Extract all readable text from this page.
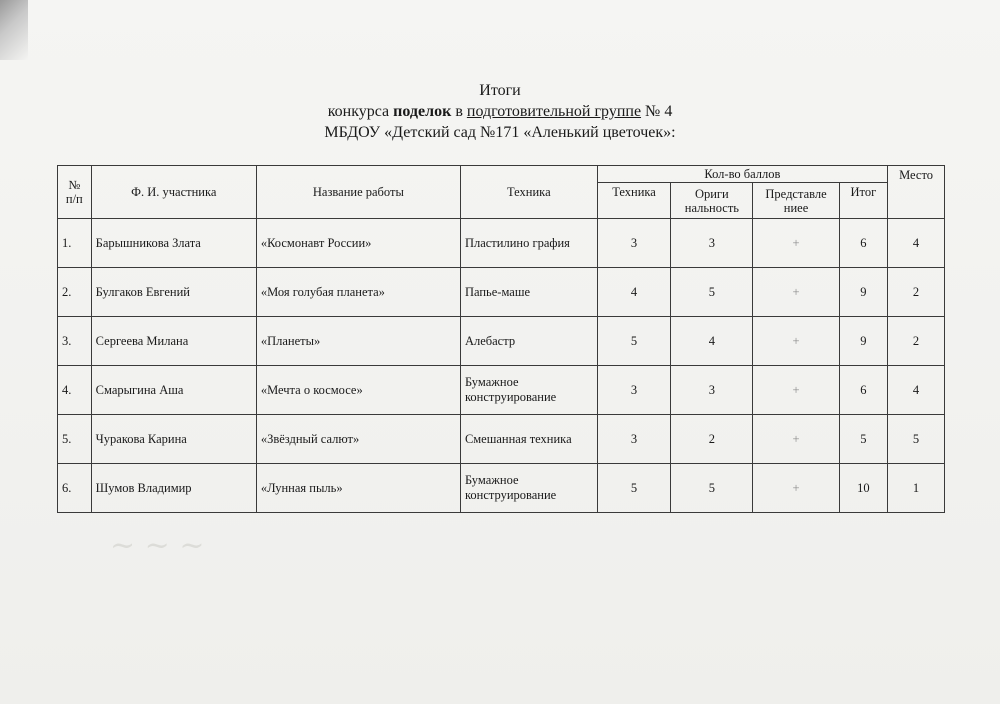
Итоги
конкурса поделок в подготовительной группе № 4
МБДОУ «Детский сад №171 «Аленький цветочек»:
№ п/п	Ф. И. участника	Название работы	Техника	Кол-во баллов				Место
				Техника	Ориги нальность	Представле ниее	Итог	
1.	Барышникова Злата	«Космонавт России»	Пластилино графия	3	3	+	6	4
2.	Булгаков Евгений	«Моя голубая планета»	Папье-маше	4	5	+	9	2
3.	Сергеева Милана	«Планеты»	Алебастр	5	4	+	9	2
4.	Смарыгина Аша	«Мечта о космосе»	Бумажное конструирование	3	3	+	6	4
5.	Чуракова Карина	«Звёздный салют»	Смешанная техника	3	2	+	5	5
6.	Шумов Владимир	«Лунная пыль»	Бумажное конструирование	5	5	+	10	1
~ ~ ~
